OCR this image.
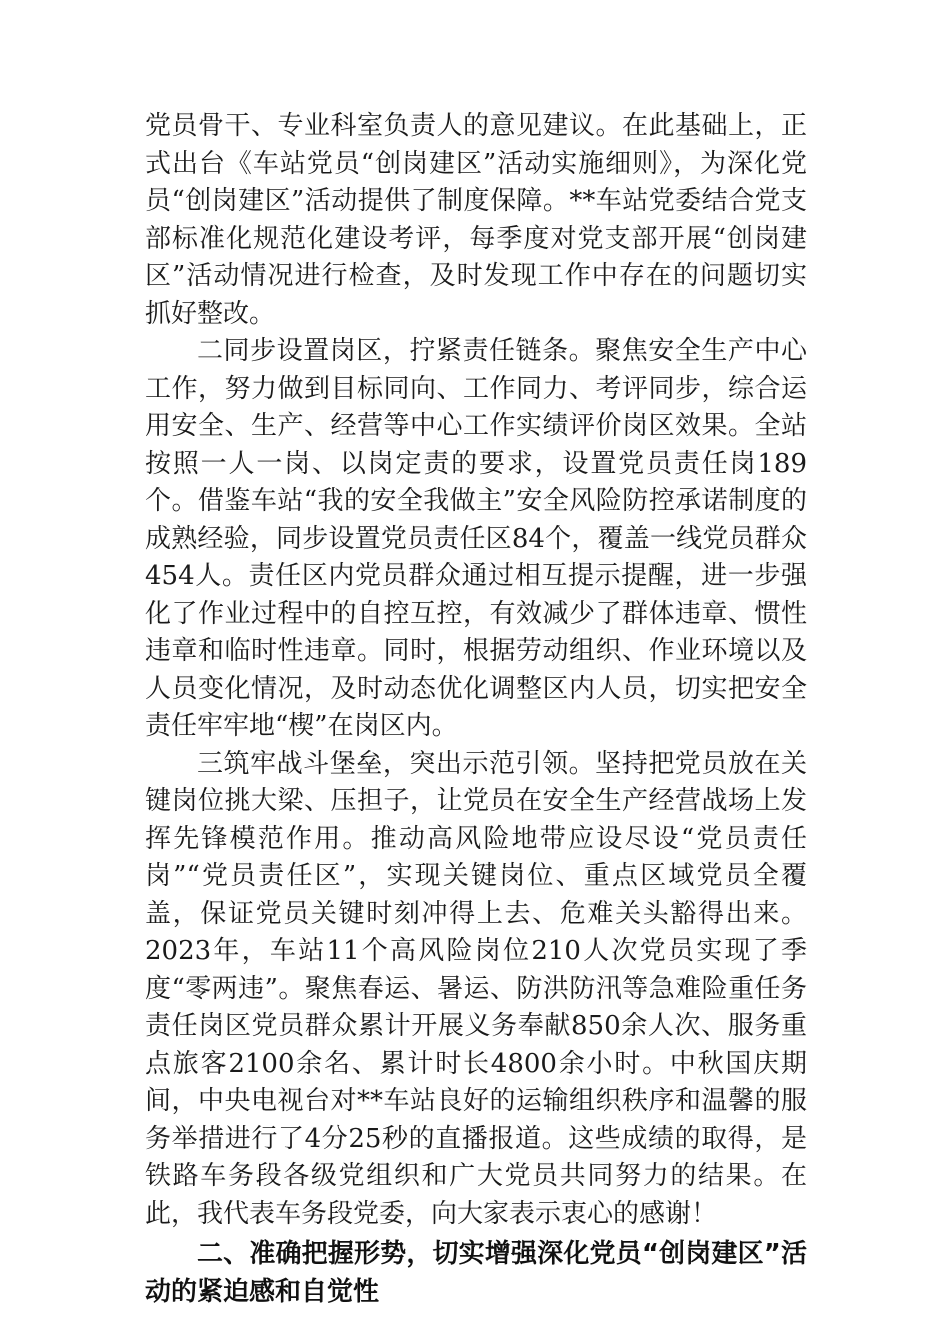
党员骨干、专业科室负责人的意见建议。在此基础上，正式出台《车站党员“创岗建区”活动实施细则》，为深化党员“创岗建区”活动提供了制度保障。**车站党委结合党支部标准化规范化建设考评，每季度对党支部开展“创岗建区”活动情况进行检查，及时发现工作中存在的问题切实抓好整改。

二同步设置岗区，拧紧责任链条。聚焦安全生产中心工作，努力做到目标同向、工作同力、考评同步，综合运用安全、生产、经营等中心工作实绩评价岗区效果。全站按照一人一岗、以岗定责的要求，设置党员责任岗189个。借鉴车站“我的安全我做主”安全风险防控承诺制度的成熟经验，同步设置党员责任区84个，覆盖一线党员群众454人。责任区内党员群众通过相互提示提醒，进一步强化了作业过程中的自控互控，有效减少了群体违章、惯性违章和临时性违章。同时，根据劳动组织、作业环境以及人员变化情况，及时动态优化调整区内人员，切实把安全责任牢牢地“楔”在岗区内。

三筑牢战斗堡垒，突出示范引领。坚持把党员放在关键岗位挑大梁、压担子，让党员在安全生产经营战场上发挥先锋模范作用。推动高风险地带应设尽设“党员责任岗”“党员责任区”，实现关键岗位、重点区域党员全覆盖，保证党员关键时刻冲得上去、危难关头豁得出来。2023年，车站11个高风险岗位210人次党员实现了季度“零两违”。聚焦春运、暑运、防洪防汛等急难险重任务责任岗区党员群众累计开展义务奉献850余人次、服务重点旅客2100余名、累计时长4800余小时。中秋国庆期间，中央电视台对**车站良好的运输组织秩序和温馨的服务举措进行了4分25秒的直播报道。这些成绩的取得，是铁路车务段各级党组织和广大党员共同努力的结果。在此，我代表车务段党委，向大家表示衷心的感谢！

二、准确把握形势，切实增强深化党员“创岗建区”活动的紧迫感和自觉性
